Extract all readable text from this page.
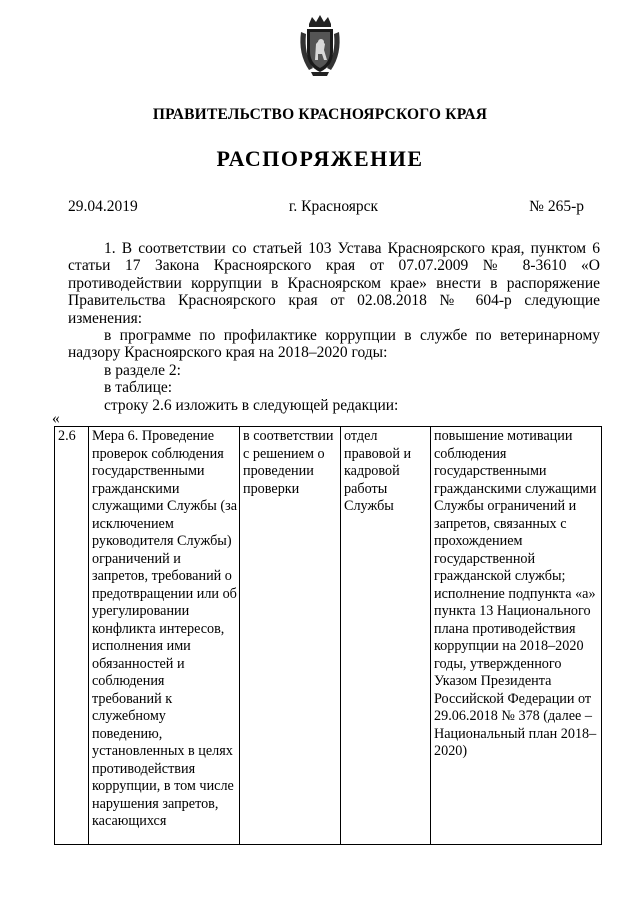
ПРАВИТЕЛЬСТВО КРАСНОЯРСКОГО КРАЯ
РАСПОРЯЖЕНИЕ
29.04.2019	г. Красноярск	№ 265-р

1. В соответствии со статьей 103 Устава Красноярского края, пунктом 6 статьи 17 Закона Красноярского края от 07.07.2009 № 8-3610 «О противодействии коррупции в Красноярском крае» внести в распоряжение Правительства Красноярского края от 02.08.2018 № 604-р следующие изменения:

в программе по профилактике коррупции в службе по ветеринарному надзору Красноярского края на 2018–2020 годы:

в разделе 2:

в таблице:

строку 2.6 изложить в следующей редакции:

«
2.6	Мера 6. Проведение проверок соблюдения государственными гражданскими служащими Службы (за исключением руководителя Службы) ограничений и запретов, требований о предотвращении или об урегулировании конфликта интересов, исполнения ими обязанностей и соблюдения требований к служебному поведению, установленных в целях противодействия коррупции, в том числе нарушения запретов, касающихся	в соответствии с решением о проведении проверки	отдел правовой и кадровой работы Службы	повышение мотивации соблюдения государственными гражданскими служащими Службы ограничений и запретов, связанных с прохождением государственной гражданской службы; исполнение подпункта «а» пункта 13 Национального плана противодействия коррупции на 2018–2020 годы, утвержденного Указом Президента Российской Федерации от 29.06.2018 № 378 (далее – Национальный план 2018–2020)
